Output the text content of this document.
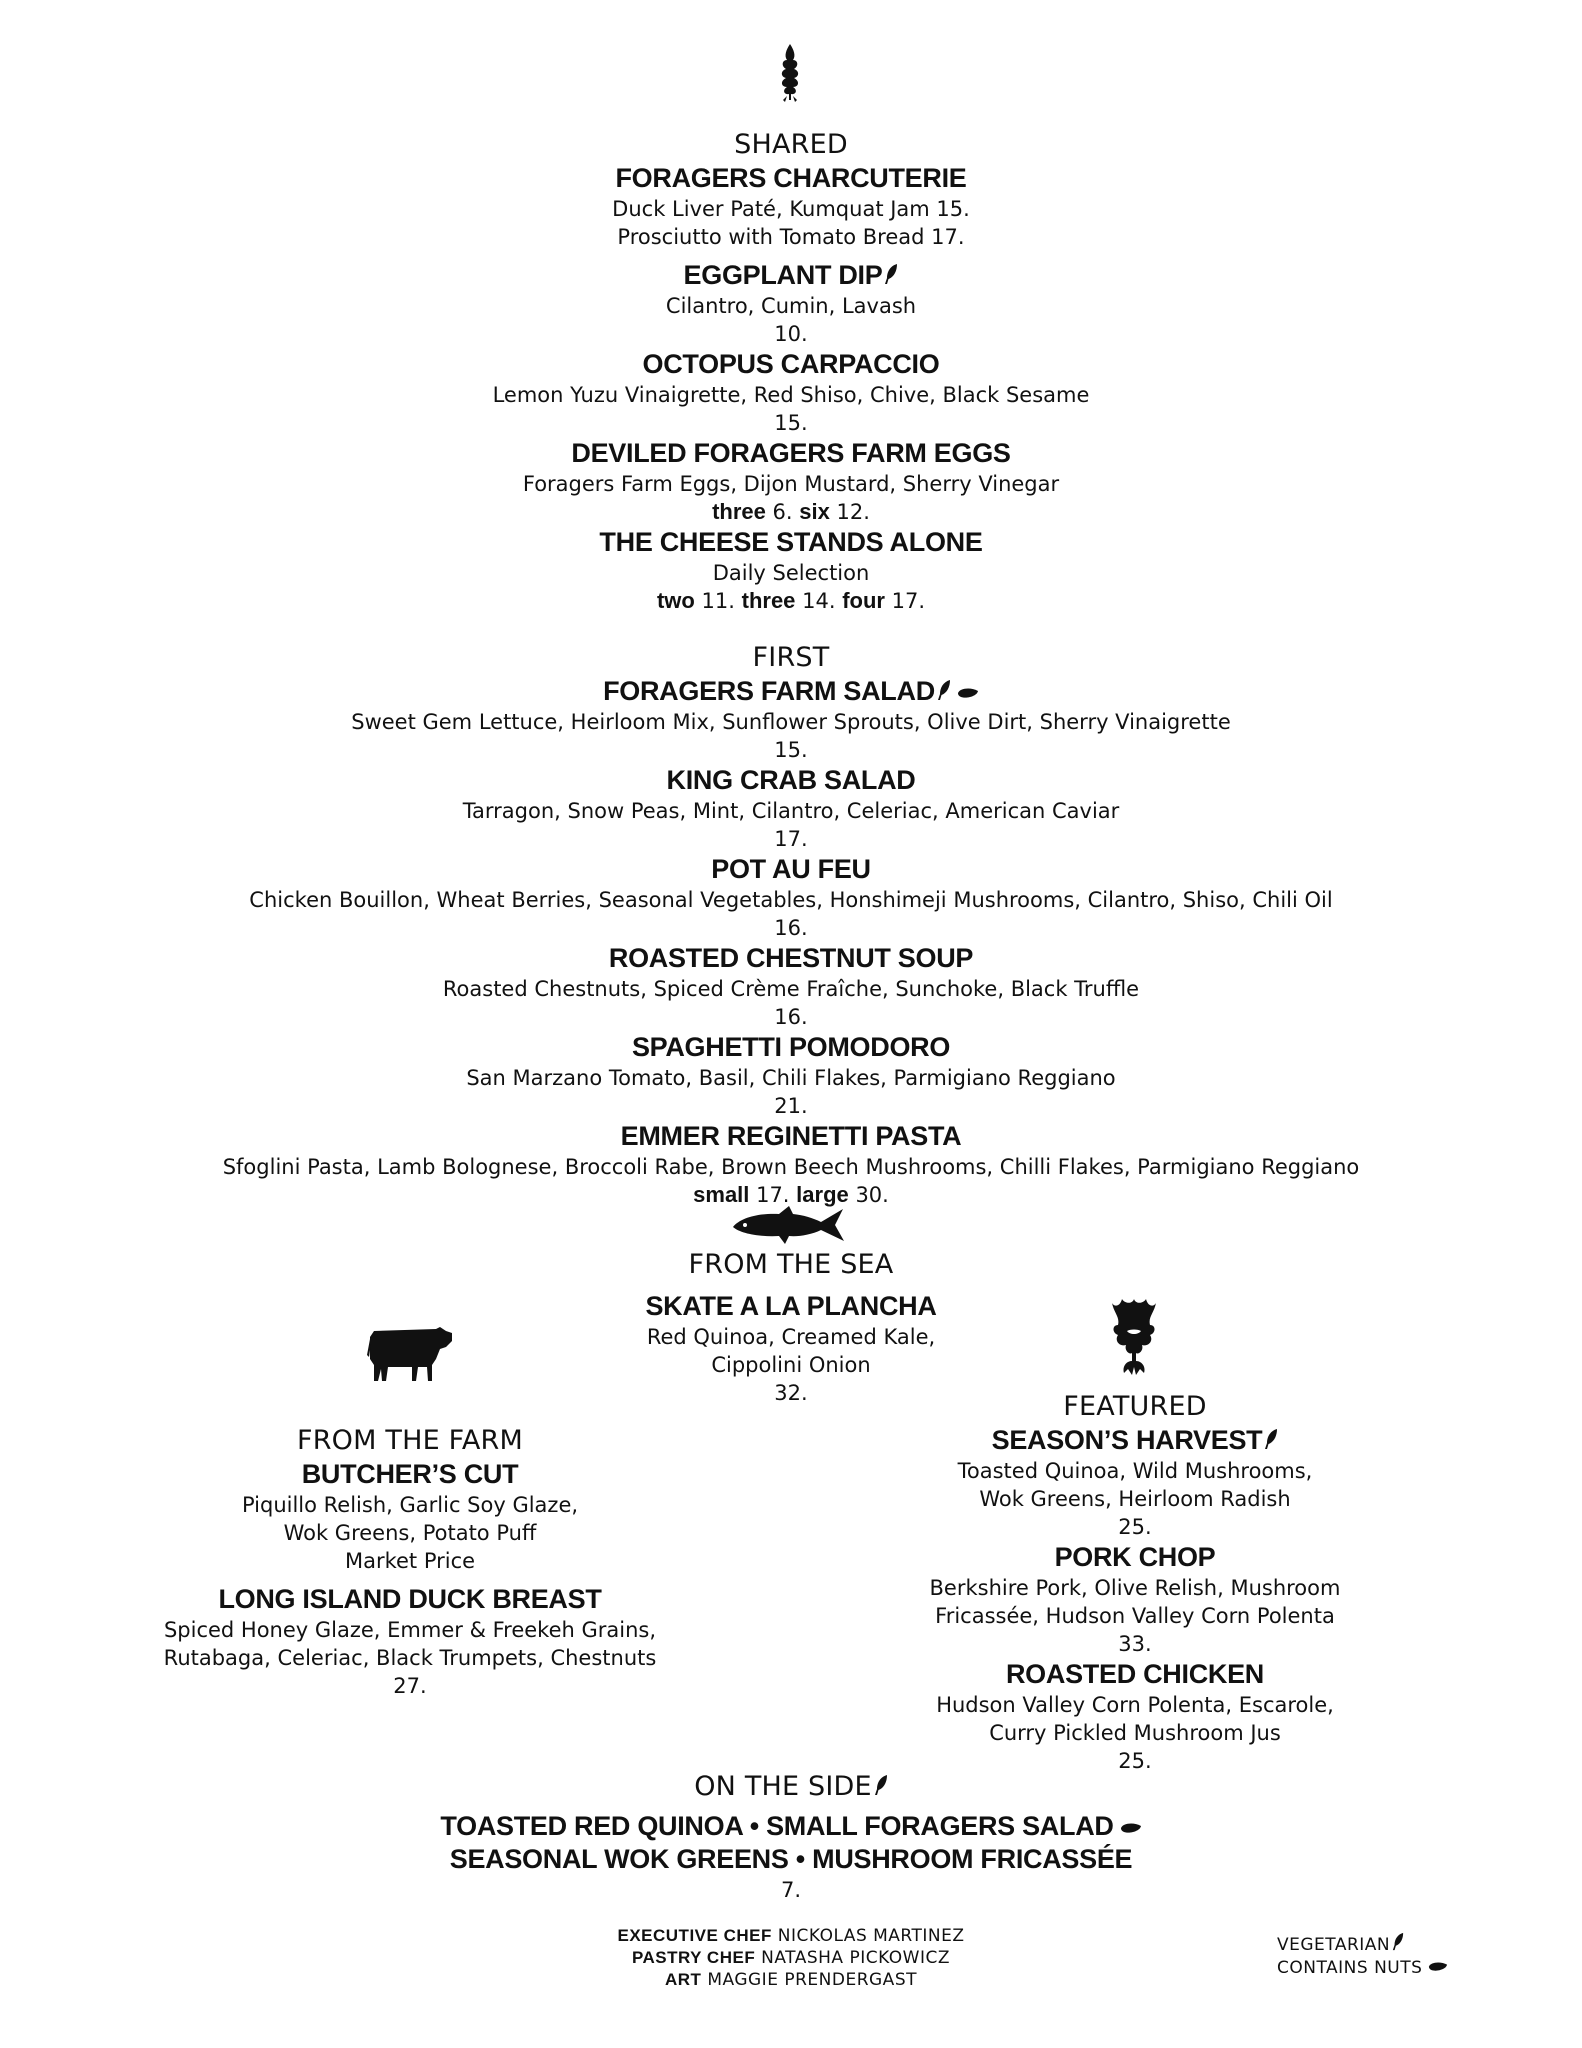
SHARED
FORAGERS CHARCUTERIE
Duck Liver Paté, Kumquat Jam 15.
Prosciutto with Tomato Bread 17.
EGGPLANT DIP
Cilantro, Cumin, Lavash
10.
OCTOPUS CARPACCIO
Lemon Yuzu Vinaigrette, Red Shiso, Chive, Black Sesame
15.
DEVILED FORAGERS FARM EGGS
Foragers Farm Eggs, Dijon Mustard, Sherry Vinegar
three 6. six 12.
THE CHEESE STANDS ALONE
Daily Selection
two 11. three 14. four 17.
FIRST
FORAGERS FARM SALAD
Sweet Gem Lettuce, Heirloom Mix, Sunflower Sprouts, Olive Dirt, Sherry Vinaigrette
15.
KING CRAB SALAD
Tarragon, Snow Peas, Mint, Cilantro, Celeriac, American Caviar
17.
POT AU FEU
Chicken Bouillon, Wheat Berries, Seasonal Vegetables, Honshimeji Mushrooms, Cilantro, Shiso, Chili Oil
16.
ROASTED CHESTNUT SOUP
Roasted Chestnuts, Spiced Crème Fraîche, Sunchoke, Black Truffle
16.
SPAGHETTI POMODORO
San Marzano Tomato, Basil, Chili Flakes, Parmigiano Reggiano
21.
EMMER REGINETTI PASTA
Sfoglini Pasta, Lamb Bolognese, Broccoli Rabe, Brown Beech Mushrooms, Chilli Flakes, Parmigiano Reggiano
small 17. large 30.
FROM THE SEA
SKATE A LA PLANCHA
Red Quinoa, Creamed Kale,
Cippolini Onion
32.
FROM THE FARM
BUTCHER’S CUT
Piquillo Relish, Garlic Soy Glaze,
Wok Greens, Potato Puff
Market Price
LONG ISLAND DUCK BREAST
Spiced Honey Glaze, Emmer & Freekeh Grains,
Rutabaga, Celeriac, Black Trumpets, Chestnuts
27.
FEATURED
SEASON’S HARVEST
Toasted Quinoa, Wild Mushrooms,
Wok Greens, Heirloom Radish
25.
PORK CHOP
Berkshire Pork, Olive Relish, Mushroom
Fricassée, Hudson Valley Corn Polenta
33.
ROASTED CHICKEN
Hudson Valley Corn Polenta, Escarole,
Curry Pickled Mushroom Jus
25.
ON THE SIDE
TOASTED RED QUINOA • SMALL FORAGERS SALAD
SEASONAL WOK GREENS • MUSHROOM FRICASSÉE
7.
EXECUTIVE CHEF NICKOLAS MARTINEZ
PASTRY CHEF NATASHA PICKOWICZ
ART MAGGIE PRENDERGAST
VEGETARIAN
CONTAINS NUTS
